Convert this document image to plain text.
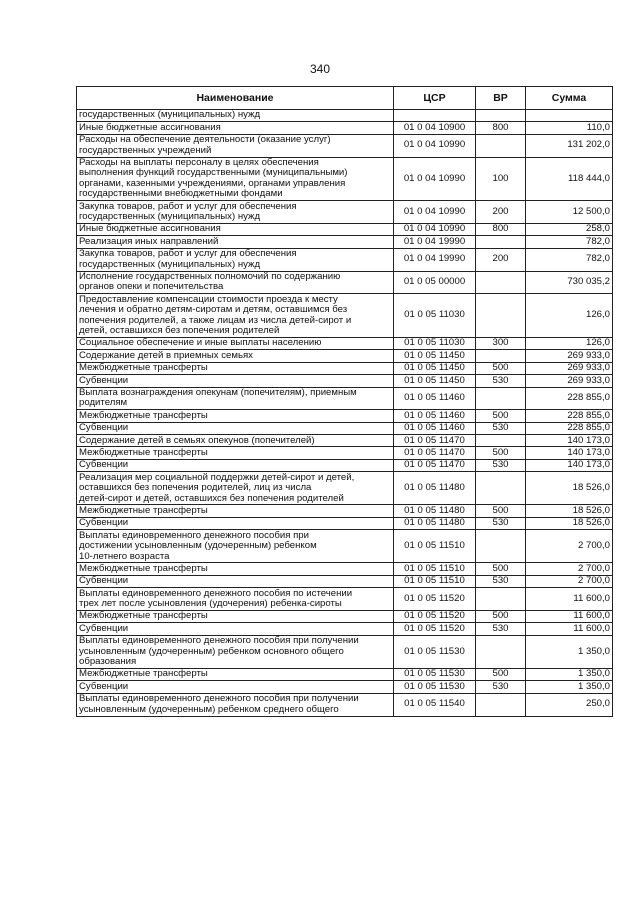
340
Наименование	ЦСР	ВР	Сумма
государственных (муниципальных) нужд			
Иные бюджетные ассигнования	01 0 04 10900	800	110,0
Расходы на обеспечение деятельности (оказание услуг)
государственных учреждений	01 0 04 10990		131 202,0
Расходы на выплаты персоналу в целях обеспечения
выполнения функций государственными (муниципальными)
органами, казенными учреждениями, органами управления
государственными внебюджетными фондами	01 0 04 10990	100	118 444,0
Закупка товаров, работ и услуг для обеспечения
государственных (муниципальных) нужд	01 0 04 10990	200	12 500,0
Иные бюджетные ассигнования	01 0 04 10990	800	258,0
Реализация иных направлений	01 0 04 19990		782,0
Закупка товаров, работ и услуг для обеспечения
государственных (муниципальных) нужд	01 0 04 19990	200	782,0
Исполнение государственных полномочий по содержанию
органов опеки и попечительства	01 0 05 00000		730 035,2
Предоставление компенсации стоимости проезда к месту
лечения и обратно детям-сиротам и детям, оставшимся без
попечения родителей, а также лицам из числа детей-сирот и
детей, оставшихся без попечения родителей	01 0 05 11030		126,0
Социальное обеспечение и иные выплаты населению	01 0 05 11030	300	126,0
Содержание детей в приемных семьях	01 0 05 11450		269 933,0
Межбюджетные трансферты	01 0 05 11450	500	269 933,0
Субвенции	01 0 05 11450	530	269 933,0
Выплата вознаграждения опекунам (попечителям), приемным
родителям	01 0 05 11460		228 855,0
Межбюджетные трансферты	01 0 05 11460	500	228 855,0
Субвенции	01 0 05 11460	530	228 855,0
Содержание детей в семьях опекунов (попечителей)	01 0 05 11470		140 173,0
Межбюджетные трансферты	01 0 05 11470	500	140 173,0
Субвенции	01 0 05 11470	530	140 173,0
Реализация мер социальной поддержки детей-сирот и детей,
оставшихся без попечения родителей, лиц из числа
детей-сирот и детей, оставшихся без попечения родителей	01 0 05 11480		18 526,0
Межбюджетные трансферты	01 0 05 11480	500	18 526,0
Субвенции	01 0 05 11480	530	18 526,0
Выплаты единовременного денежного пособия при
достижении усыновленным (удочеренным) ребенком
10-летнего возраста	01 0 05 11510		2 700,0
Межбюджетные трансферты	01 0 05 11510	500	2 700,0
Субвенции	01 0 05 11510	530	2 700,0
Выплаты единовременного денежного пособия по истечении
трех лет после усыновления (удочерения) ребенка-сироты	01 0 05 11520		11 600,0
Межбюджетные трансферты	01 0 05 11520	500	11 600,0
Субвенции	01 0 05 11520	530	11 600,0
Выплаты единовременного денежного пособия при получении
усыновленным (удочеренным) ребенком основного общего
образования	01 0 05 11530		1 350,0
Межбюджетные трансферты	01 0 05 11530	500	1 350,0
Субвенции	01 0 05 11530	530	1 350,0
Выплаты единовременного денежного пособия при получении
усыновленным (удочеренным) ребенком среднего общего	01 0 05 11540		250,0
